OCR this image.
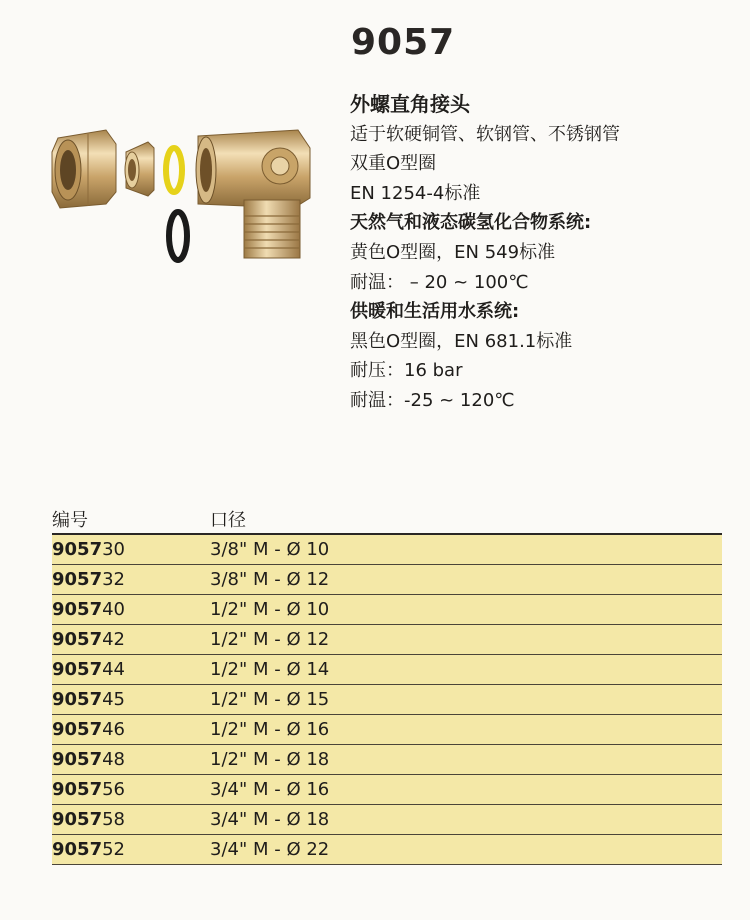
9057
外螺直角接头
适于软硬铜管、软钢管、不锈钢管
双重O型圈
EN 1254-4标准
天然气和液态碳氢化合物系统:
黄色O型圈，EN 549标准
耐温： – 20 ~ 100℃
供暖和生活用水系统:
黑色O型圈，EN 681.1标准
耐压：16 bar
耐温：-25 ~ 120℃
编号	口径
905730	3/8" M - Ø 10
905732	3/8" M - Ø 12
905740	1/2" M - Ø 10
905742	1/2" M - Ø 12
905744	1/2" M - Ø 14
905745	1/2" M - Ø 15
905746	1/2" M - Ø 16
905748	1/2" M - Ø 18
905756	3/4" M - Ø 16
905758	3/4" M - Ø 18
905752	3/4" M - Ø 22
